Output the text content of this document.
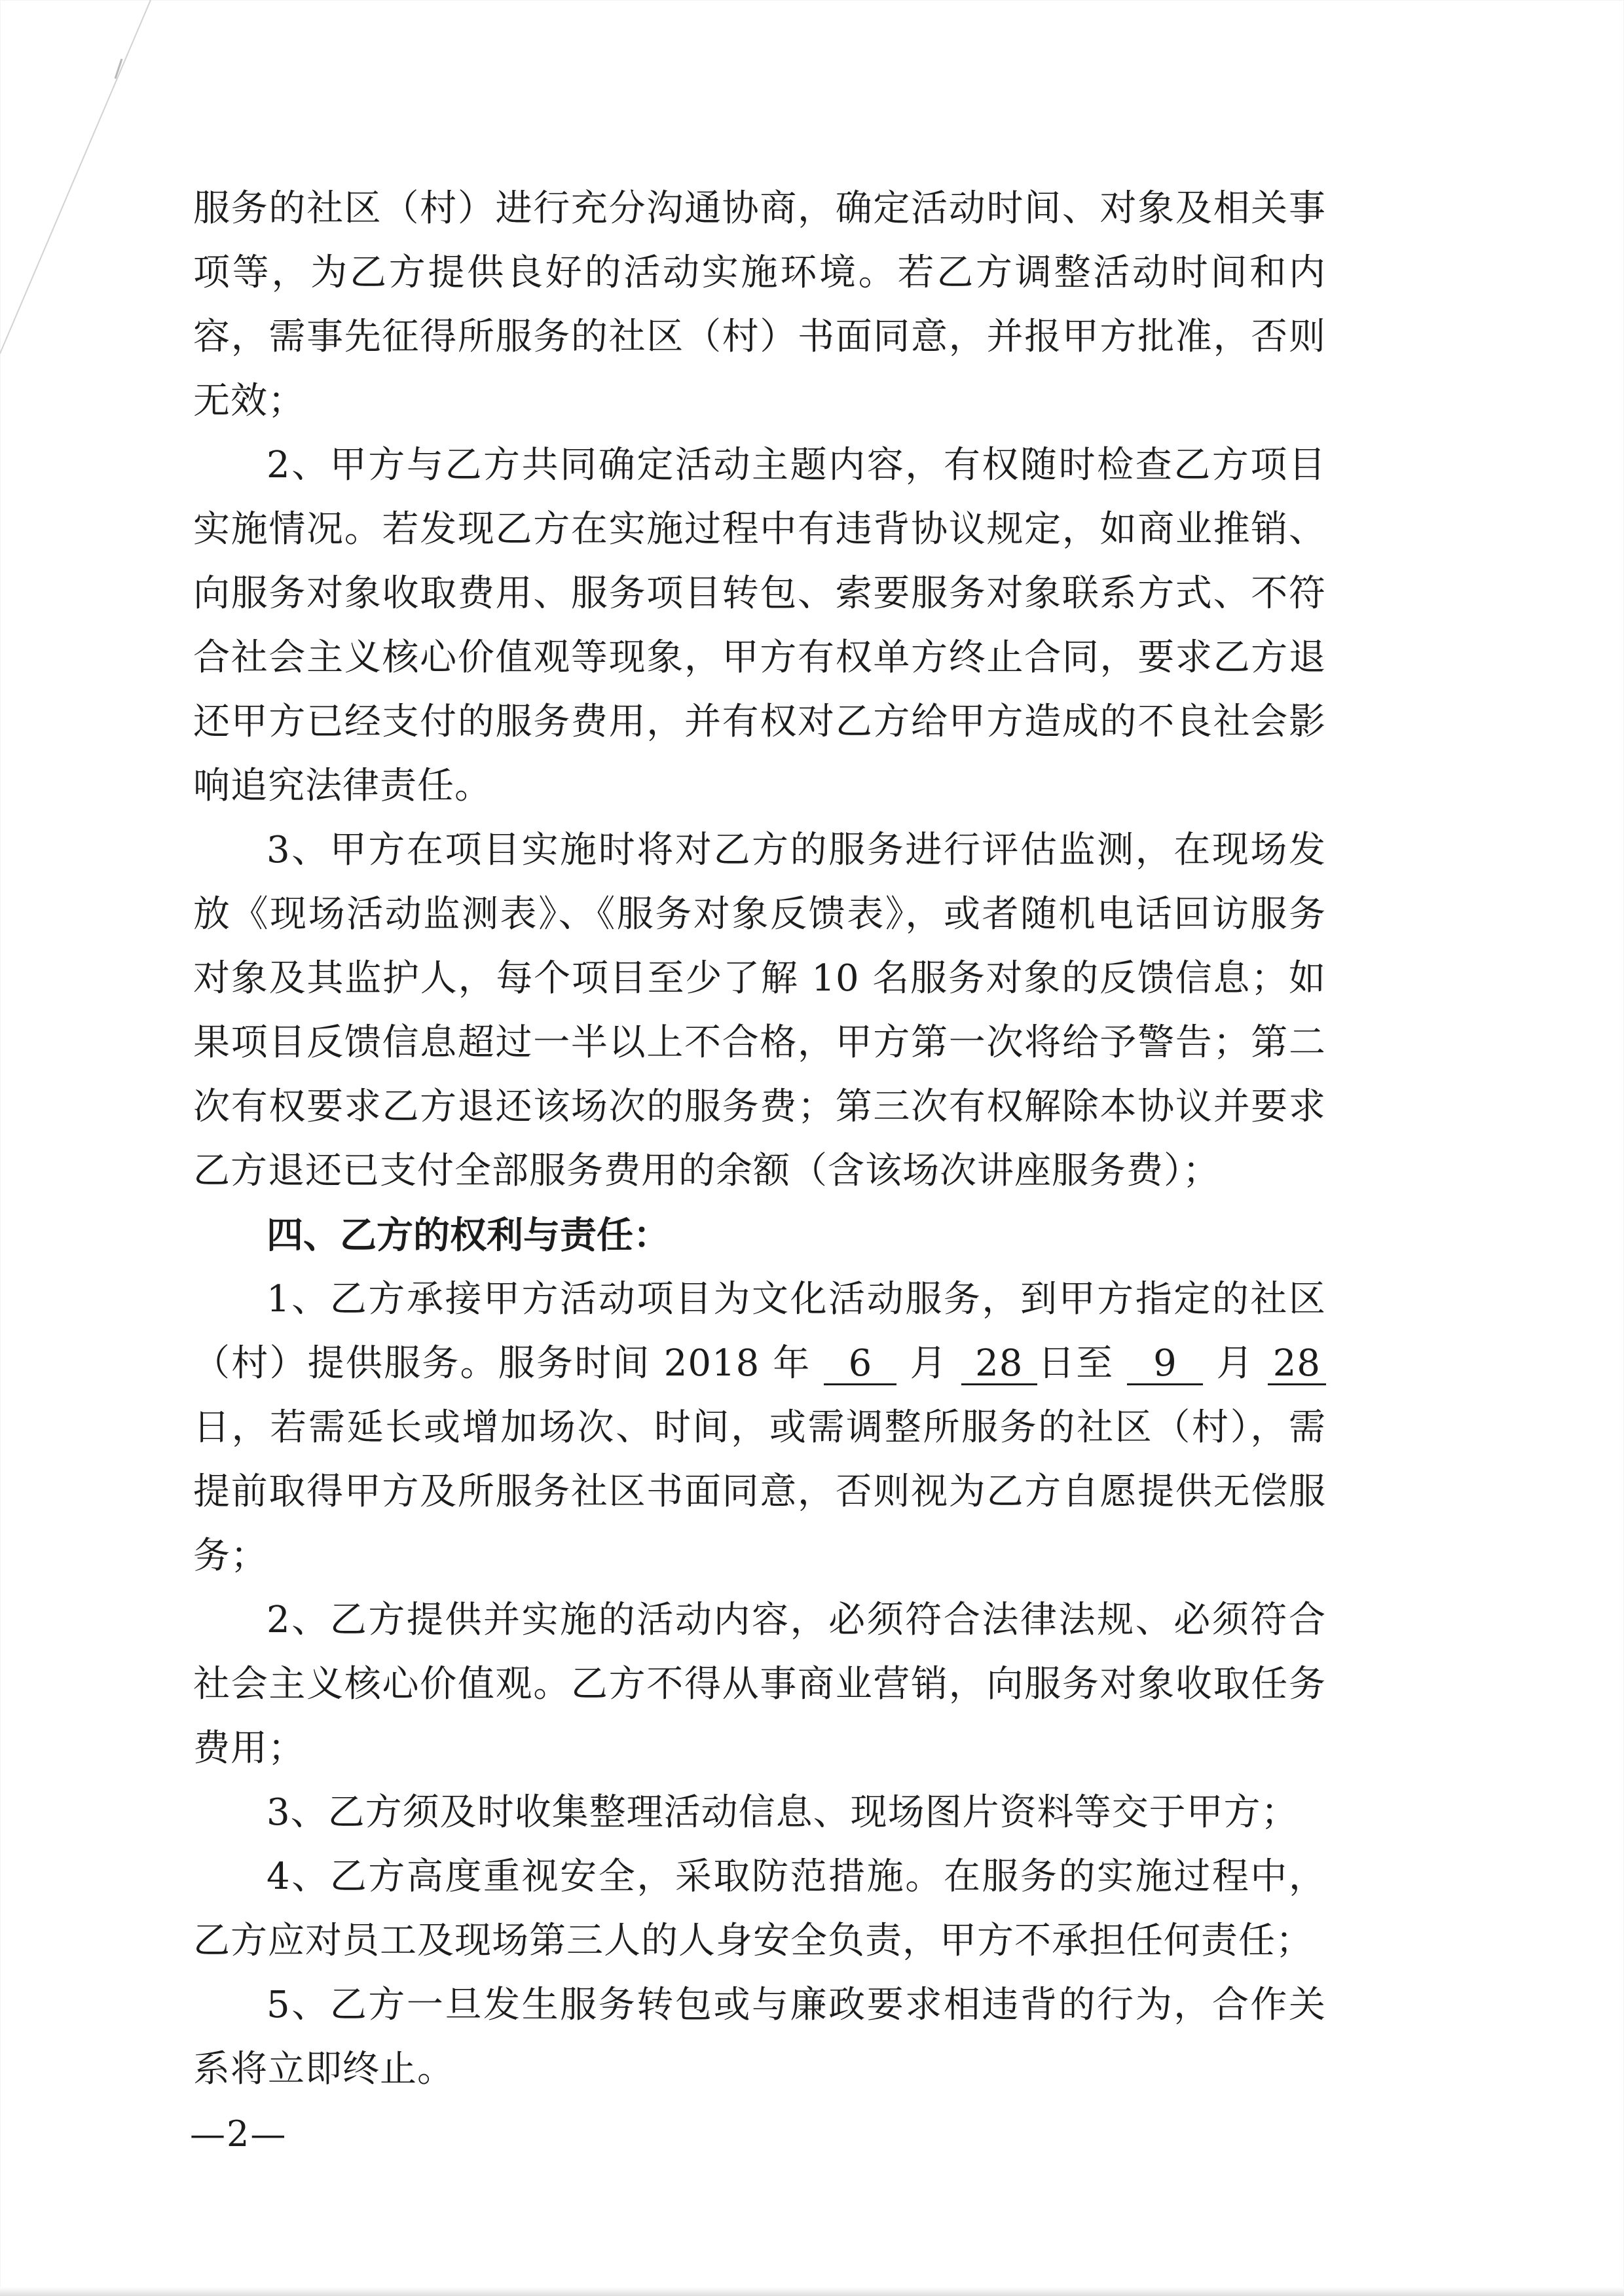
服务的社区（村）进行充分沟通协商，确定活动时间、对象及相关事项等，为乙方提供良好的活动实施环境。若乙方调整活动时间和内容，需事先征得所服务的社区（村）书面同意，并报甲方批准，否则无效；

2、甲方与乙方共同确定活动主题内容，有权随时检查乙方项目实施情况。若发现乙方在实施过程中有违背协议规定，如商业推销、向服务对象收取费用、服务项目转包、索要服务对象联系方式、不符合社会主义核心价值观等现象，甲方有权单方终止合同，要求乙方退还甲方已经支付的服务费用，并有权对乙方给甲方造成的不良社会影响追究法律责任。

3、甲方在项目实施时将对乙方的服务进行评估监测，在现场发放《现场活动监测表》、《服务对象反馈表》，或者随机电话回访服务对象及其监护人，每个项目至少了解 10 名服务对象的反馈信息；如果项目反馈信息超过一半以上不合格，甲方第一次将给予警告；第二次有权要求乙方退还该场次的服务费；第三次有权解除本协议并要求乙方退还已支付全部服务费用的余额（含该场次讲座服务费）；

四、乙方的权利与责任：

1、乙方承接甲方活动项目为文化活动服务，到甲方指定的社区（村）提供服务。服务时间 2018 年 6 月 28 日至 9 月 28日，若需延长或增加场次、时间，或需调整所服务的社区（村），需提前取得甲方及所服务社区书面同意，否则视为乙方自愿提供无偿服务；

2、乙方提供并实施的活动内容，必须符合法律法规、必须符合社会主义核心价值观。乙方不得从事商业营销，向服务对象收取任务费用；

3、乙方须及时收集整理活动信息、现场图片资料等交于甲方；

4、乙方高度重视安全，采取防范措施。在服务的实施过程中，乙方应对员工及现场第三人的人身安全负责，甲方不承担任何责任；

5、乙方一旦发生服务转包或与廉政要求相违背的行为，合作关系将立即终止。

—2—
